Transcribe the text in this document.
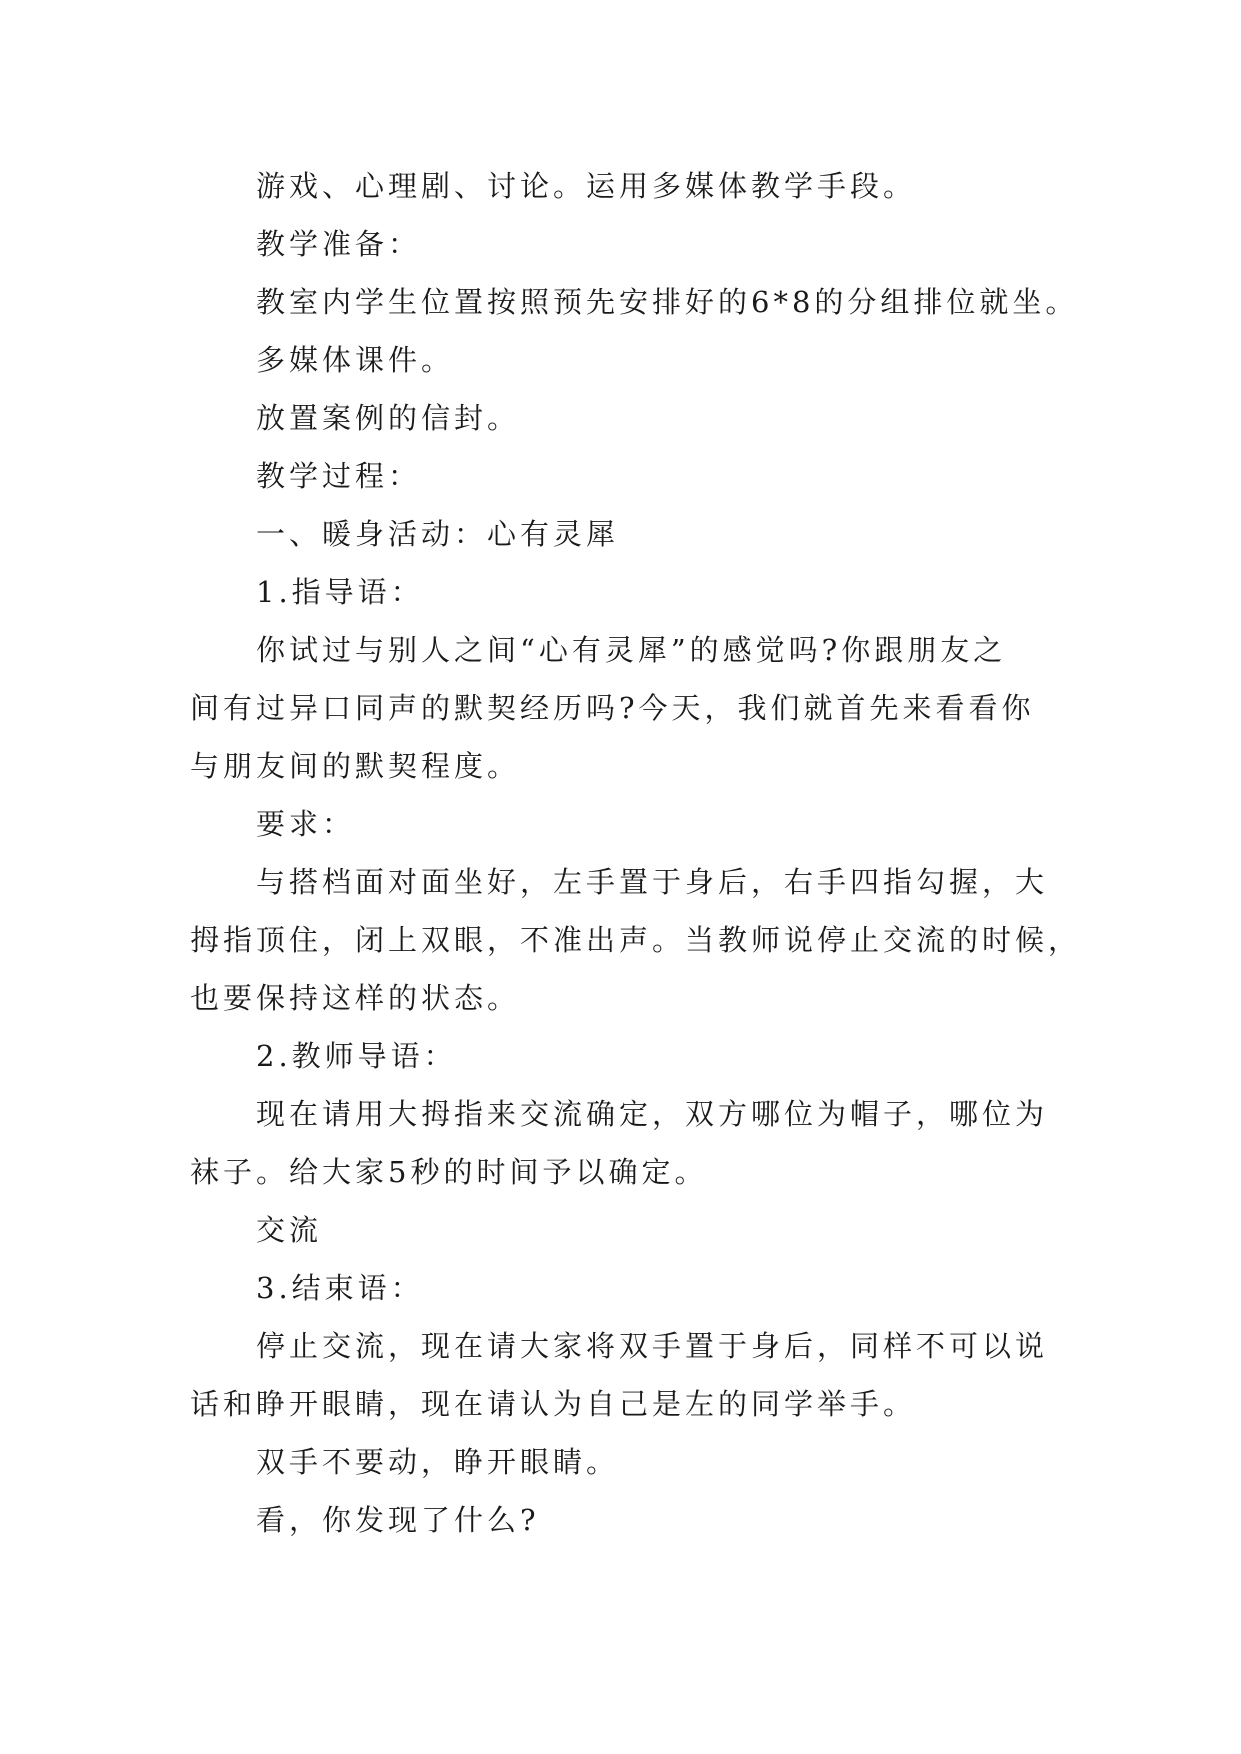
游戏、心理剧、讨论。运用多媒体教学手段。
教学准备：
教室内学生位置按照预先安排好的6*8的分组排位就坐。
多媒体课件。
放置案例的信封。
教学过程：
一、暖身活动：心有灵犀
1.指导语：
你试过与别人之间“心有灵犀”的感觉吗?你跟朋友之
间有过异口同声的默契经历吗?今天，我们就首先来看看你
与朋友间的默契程度。
要求：
与搭档面对面坐好，左手置于身后，右手四指勾握，大
拇指顶住，闭上双眼，不准出声。当教师说停止交流的时候，
也要保持这样的状态。
2.教师导语：
现在请用大拇指来交流确定，双方哪位为帽子，哪位为
袜子。给大家5秒的时间予以确定。
交流
3.结束语：
停止交流，现在请大家将双手置于身后，同样不可以说
话和睁开眼睛，现在请认为自己是左的同学举手。
双手不要动，睁开眼睛。
看，你发现了什么?
